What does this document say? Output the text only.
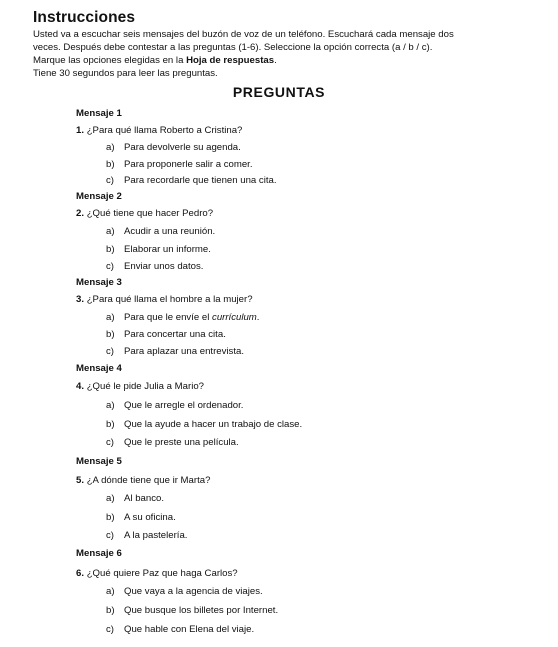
Instrucciones

Usted va a escuchar seis mensajes del buzón de voz de un teléfono. Escuchará cada mensaje dos

veces. Después debe contestar a las preguntas (1-6). Seleccione la opción correcta (a / b / c).

Marque las opciones elegidas en la Hoja de respuestas.

Tiene 30 segundos para leer las preguntas.

PREGUNTAS
Mensaje 1
1. ¿Para qué llama Roberto a Cristina?
a) Para devolverle su agenda.
b) Para proponerle salir a comer.
c) Para recordarle que tienen una cita.
Mensaje 2
2. ¿Qué tiene que hacer Pedro?
a) Acudir a una reunión.
b) Elaborar un informe.
c) Enviar unos datos.
Mensaje 3
3. ¿Para qué llama el hombre a la mujer?
a) Para que le envíe el currículum.
b) Para concertar una cita.
c) Para aplazar una entrevista.
Mensaje 4
4. ¿Qué le pide Julia a Mario?
a) Que le arregle el ordenador.
b) Que la ayude a hacer un trabajo de clase.
c) Que le preste una película.
Mensaje 5
5. ¿A dónde tiene que ir Marta?
a) Al banco.
b) A su oficina.
c) A la pastelería.
Mensaje 6
6. ¿Qué quiere Paz que haga Carlos?
a) Que vaya a la agencia de viajes.
b) Que busque los billetes por Internet.
c) Que hable con Elena del viaje.
